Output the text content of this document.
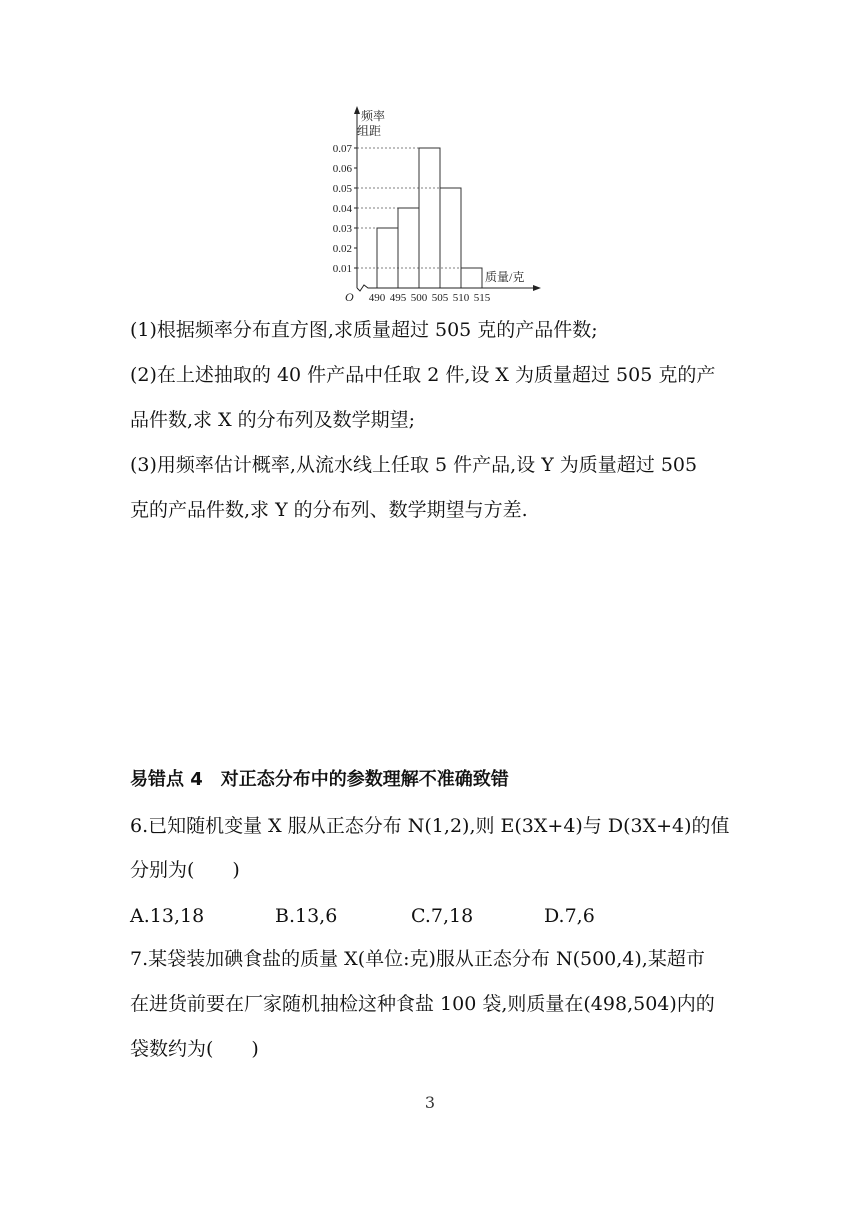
0.01
0.02
0.03
0.04
0.05
0.06
0.07
490 495 500 505 510 515
O
频率
组距
质量/克
(1)根据频率分布直方图,求质量超过 505 克的产品件数;
(2)在上述抽取的 40 件产品中任取 2 件,设 X 为质量超过 505 克的产
品件数,求 X 的分布列及数学期望;
(3)用频率估计概率,从流水线上任取 5 件产品,设 Y 为质量超过 505
克的产品件数,求 Y 的分布列、数学期望与方差.
易错点 4　对正态分布中的参数理解不准确致错
6.已知随机变量 X 服从正态分布 N(1,2),则 E(3X+4)与 D(3X+4)的值
分别为(　　)
A.13,18	B.13,6	C.7,18	D.7,6
7.某袋装加碘食盐的质量 X(单位:克)服从正态分布 N(500,4),某超市
在进货前要在厂家随机抽检这种食盐 100 袋,则质量在(498,504)内的
袋数约为(　　)
3
